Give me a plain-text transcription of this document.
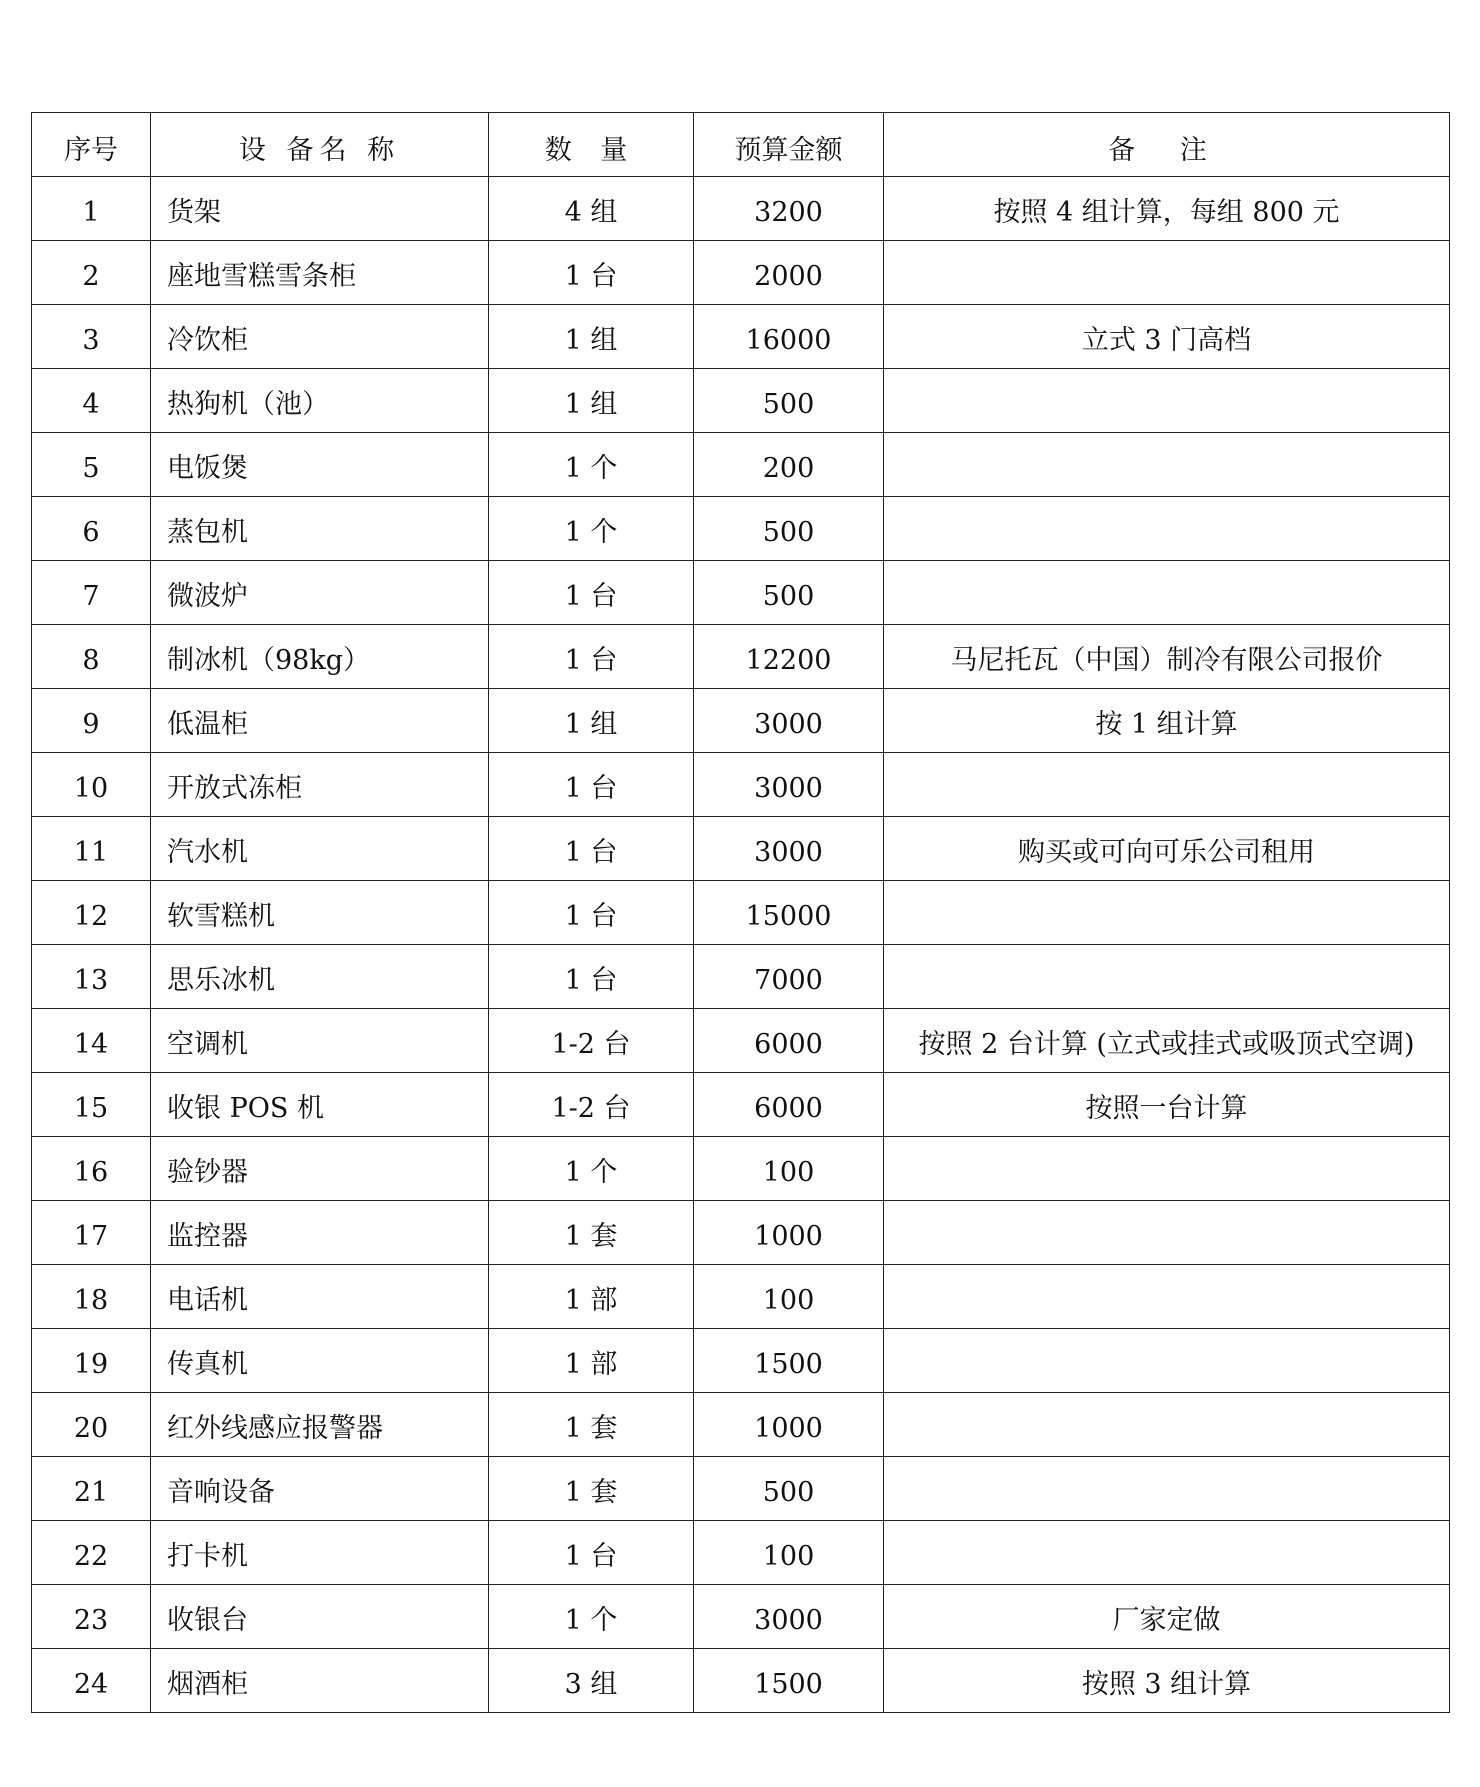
序号	设 备名 称	数 量	预算金额	备 注
1	货架	4 组	3200	按照 4 组计算，每组 800 元
2	座地雪糕雪条柜	1 台	2000	
3	冷饮柜	1 组	16000	立式 3 门高档
4	热狗机（池）	1 组	500	
5	电饭煲	1 个	200	
6	蒸包机	1 个	500	
7	微波炉	1 台	500	
8	制冰机（98kg）	1 台	12200	马尼托瓦（中国）制冷有限公司报价
9	低温柜	1 组	3000	按 1 组计算
10	开放式冻柜	1 台	3000	
11	汽水机	1 台	3000	购买或可向可乐公司租用
12	软雪糕机	1 台	15000	
13	思乐冰机	1 台	7000	
14	空调机	1-2 台	6000	按照 2 台计算 (立式或挂式或吸顶式空调)
15	收银 POS 机	1-2 台	6000	按照一台计算
16	验钞器	1 个	100	
17	监控器	1 套	1000	
18	电话机	1 部	100	
19	传真机	1 部	1500	
20	红外线感应报警器	1 套	1000	
21	音响设备	1 套	500	
22	打卡机	1 台	100	
23	收银台	1 个	3000	厂家定做
24	烟酒柜	3 组	1500	按照 3 组计算
